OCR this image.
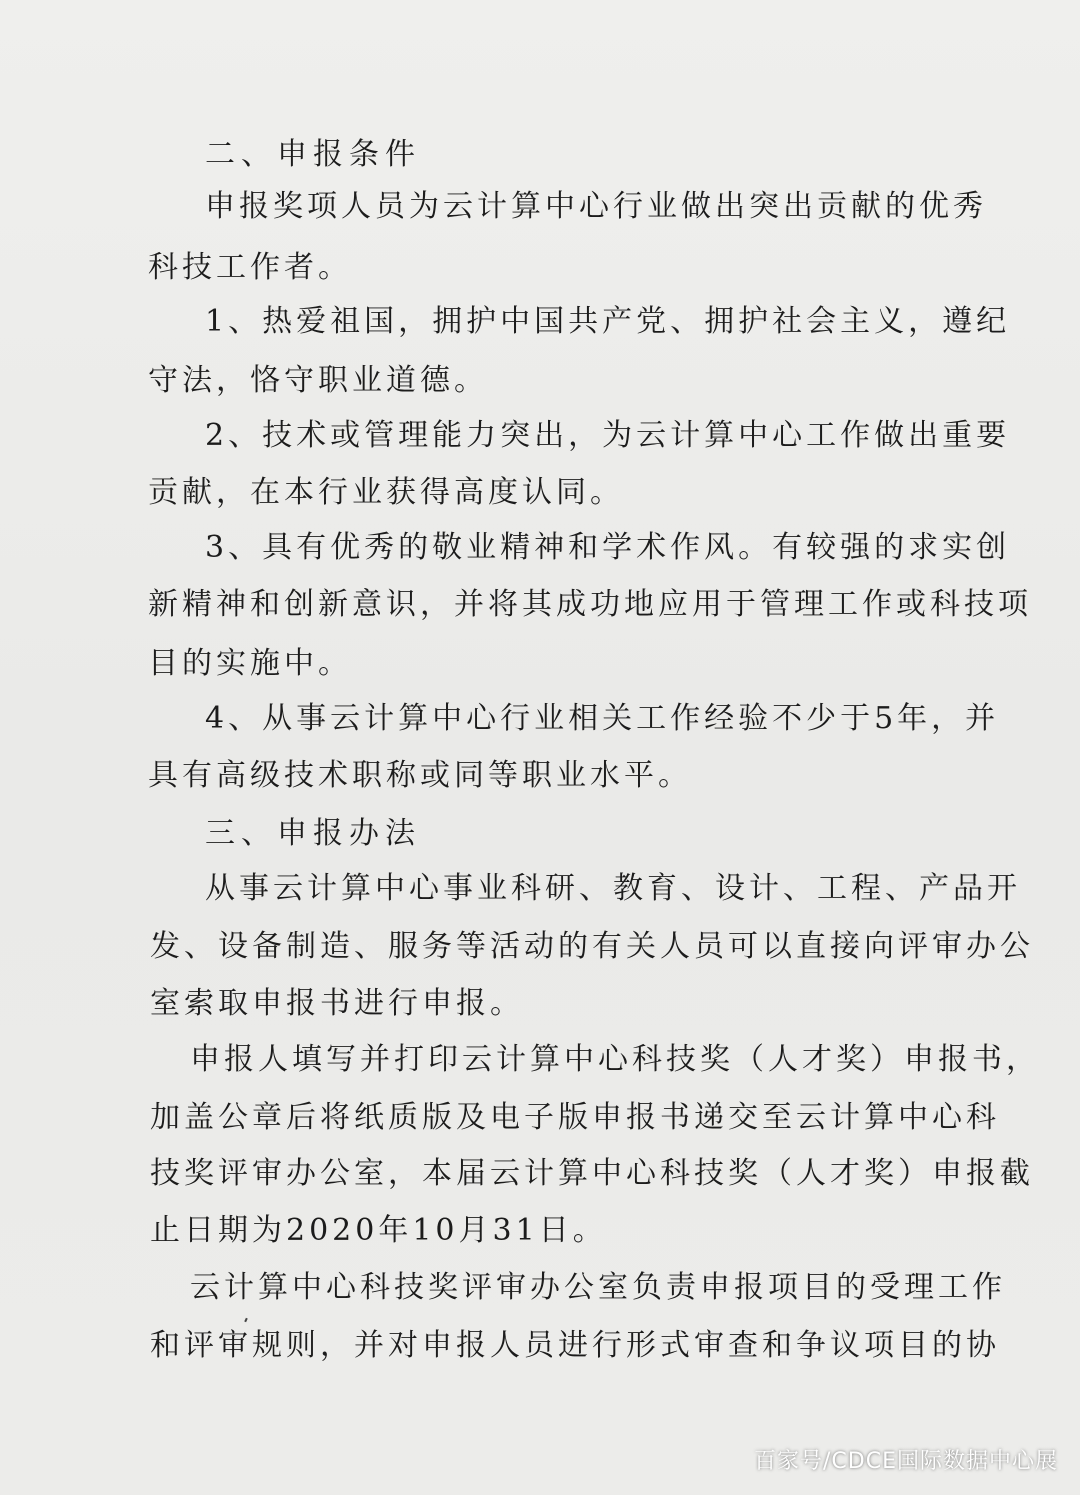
二、申报条件
申报奖项人员为云计算中心行业做出突出贡献的优秀
科技工作者。
1、热爱祖国，拥护中国共产党、拥护社会主义，遵纪
守法，恪守职业道德。
2、技术或管理能力突出，为云计算中心工作做出重要
贡献，在本行业获得高度认同。
3、具有优秀的敬业精神和学术作风。有较强的求实创
新精神和创新意识，并将其成功地应用于管理工作或科技项
目的实施中。
4、从事云计算中心行业相关工作经验不少于5年，并
具有高级技术职称或同等职业水平。
三、申报办法
从事云计算中心事业科研、教育、设计、工程、产品开
发、设备制造、服务等活动的有关人员可以直接向评审办公
室索取申报书进行申报。
申报人填写并打印云计算中心科技奖（人才奖）申报书，
加盖公章后将纸质版及电子版申报书递交至云计算中心科
技奖评审办公室，本届云计算中心科技奖（人才奖）申报截
止日期为2020年10月31日。
云计算中心科技奖评审办公室负责申报项目的受理工作
和评审规则，并对申报人员进行形式审查和争议项目的协
百家号/CDCE国际数据中心展
